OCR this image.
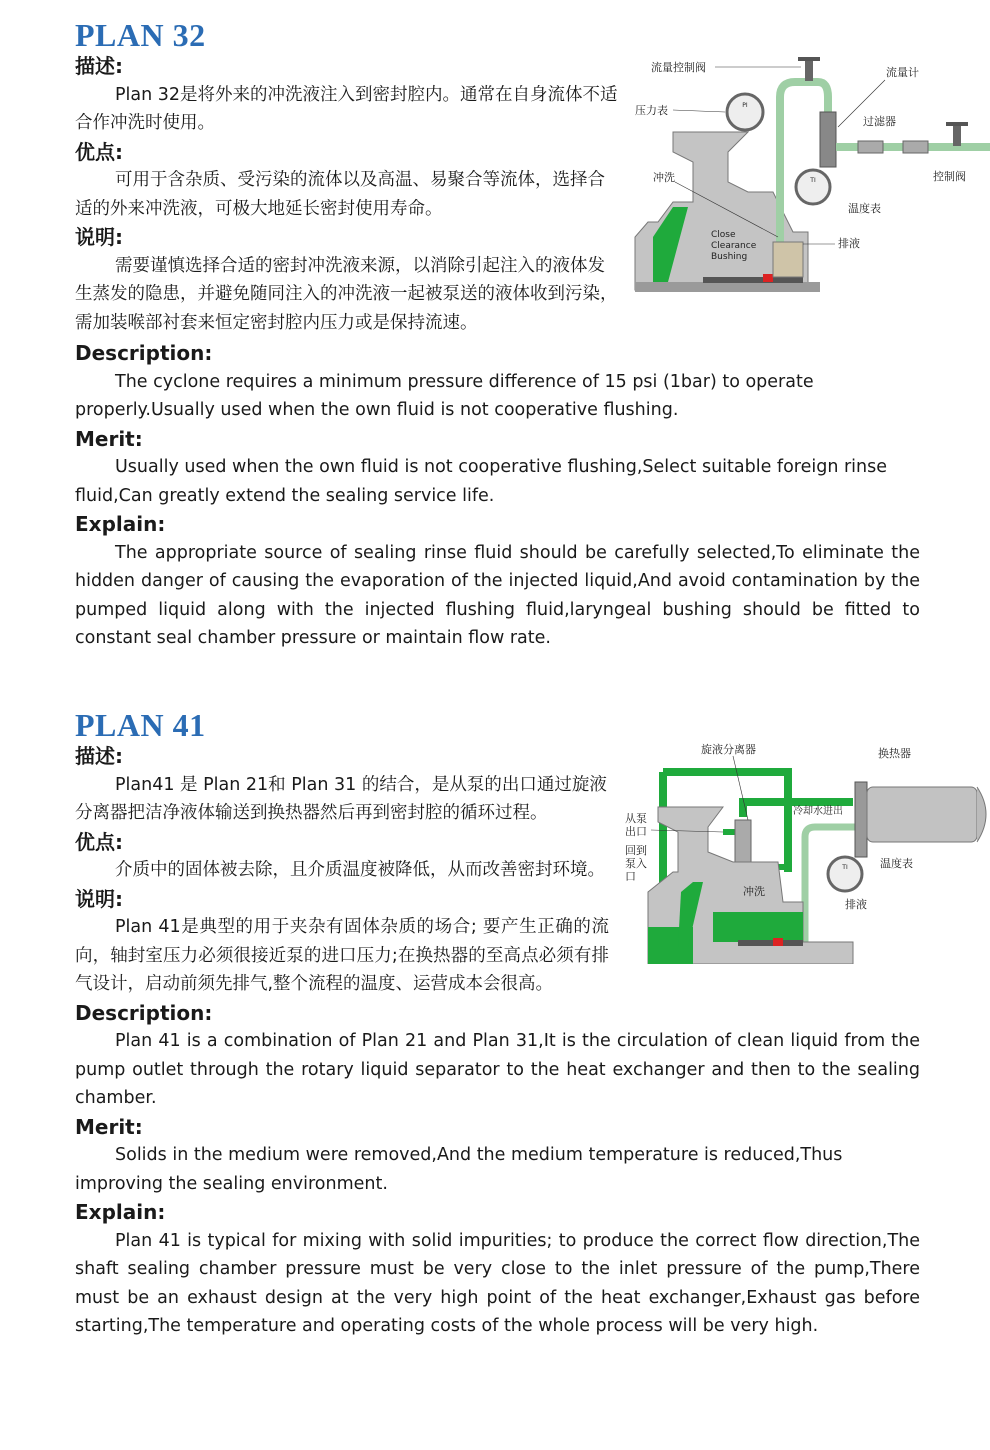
PLAN 32
PI
TI
流量控制阀	流量计
压力表
过滤器
控制阀
冲洗
温度表
排液
Close
Clearance
Bushing
描述:

Plan 32是将外来的冲洗液注入到密封腔内。通常在自身流体不适合作冲洗时使用。

优点:

可用于含杂质、受污染的流体以及高温、易聚合等流体，选择合适的外来冲洗液，可极大地延长密封使用寿命。

说明:

需要谨慎选择合适的密封冲洗液来源，以消除引起注入的液体发生蒸发的隐患，并避免随同注入的冲洗液一起被泵送的液体收到污染，需加装喉部衬套来恒定密封腔内压力或是保持流速。

Description:

The cyclone requires a minimum pressure difference of 15 psi (1bar) to operate properly.Usually used when the own fluid is not cooperative flushing.

Merit:

Usually used when the own fluid is not cooperative flushing,Select suitable foreign rinse fluid,Can greatly extend the sealing service life.

Explain:

The appropriate source of sealing rinse fluid should be carefully selected,To eliminate the hidden danger of causing the evaporation of the injected liquid,And avoid contamination by the pumped liquid along with the injected flushing fluid,laryngeal bushing should be fitted to constant seal chamber pressure or maintain flow rate.

PLAN 41
TI
旋液分离器	换热器
从泵
出口
回到
泵入
口
冷却水进出
温度表
冲洗
排液
描述:

Plan41 是 Plan 21和 Plan 31 的结合，是从泵的出口通过旋液分离器把洁净液体输送到换热器然后再到密封腔的循环过程。

优点:

介质中的固体被去除，且介质温度被降低，从而改善密封环境。

说明:

Plan 41是典型的用于夹杂有固体杂质的场合; 要产生正确的流向，轴封室压力必须很接近泵的进口压力;在换热器的至高点必须有排气设计，启动前须先排气,整个流程的温度、运营成本会很高。

Description:

Plan 41 is a combination of Plan 21 and Plan 31,It is the circulation of clean liquid from the pump outlet through the rotary liquid separator to the heat exchanger and then to the sealing chamber.

Merit:

Solids in the medium were removed,And the medium temperature is reduced,Thus improving the sealing environment.

Explain:

Plan 41 is typical for mixing with solid impurities; to produce the correct flow direction,The shaft sealing chamber pressure must be very close to the inlet pressure of the pump,There must be an exhaust design at the very high point of the heat exchanger,Exhaust gas before starting,The temperature and operating costs of the whole process will be very high.
